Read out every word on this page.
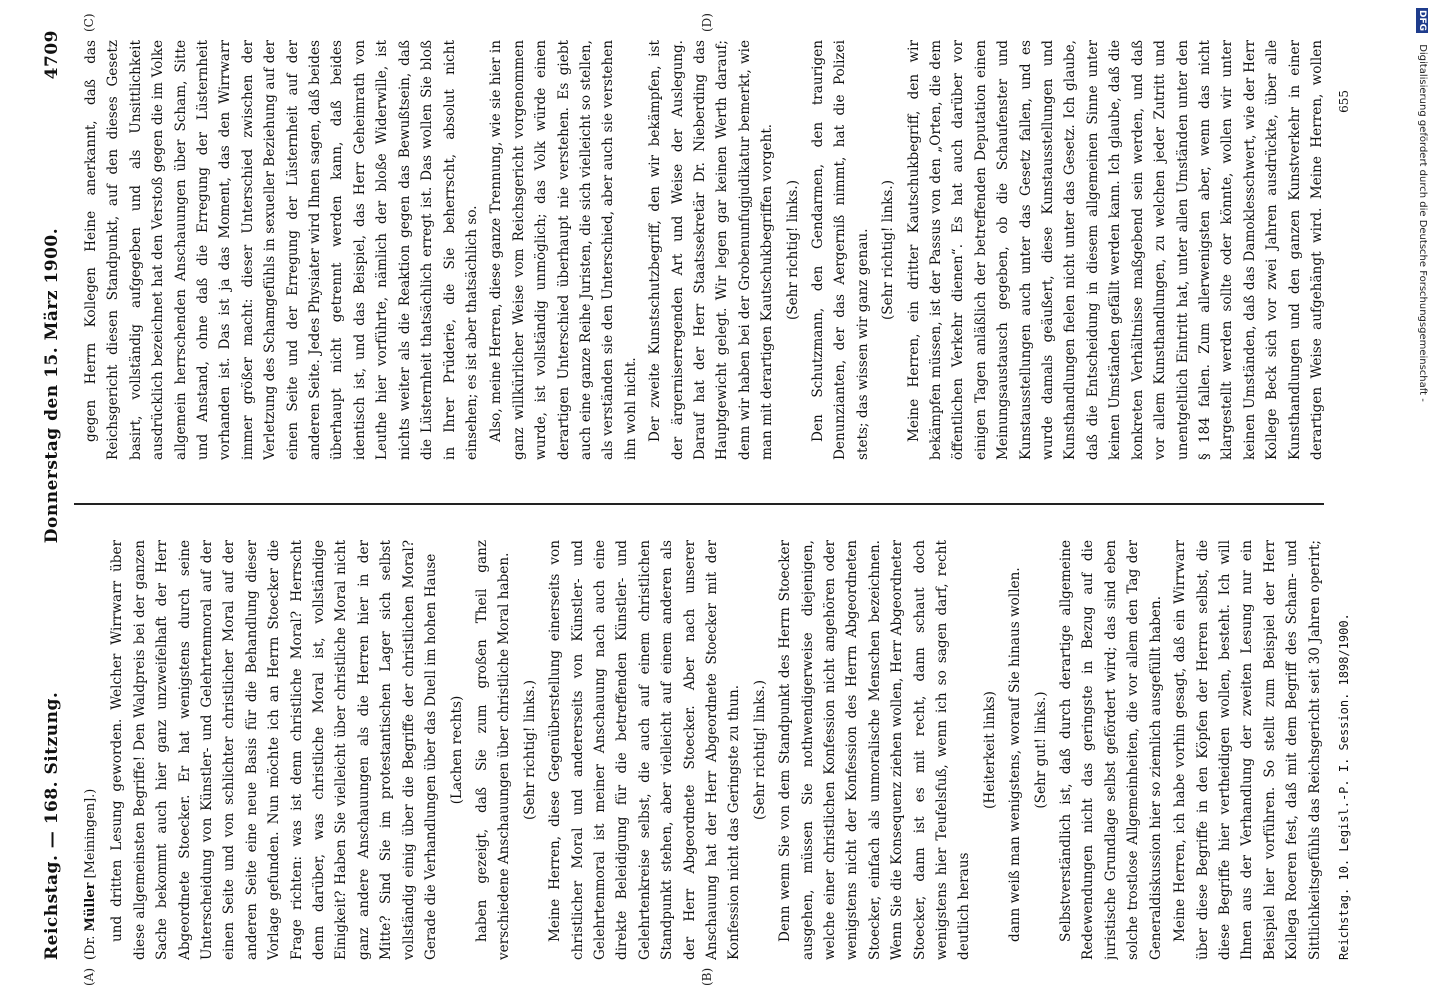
DFG Digitalisierung gefördert durch die Deutsche Forschungsgemeinschaft -
Reichstag. — 168. Sitzung.
Donnerstag den 15. März 1900.
4709
(A)	(B)
(C)	(D)
(Dr. Müller [Meiningen].) und dritten Lesung geworden. Welcher Wirrwarr über diese allgemeinsten Begriffe! Den Waldpreis bei der ganzen Sache bekommt auch hier ganz unzweifelhaft der Herr Abgeordnete Stoecker. Er hat wenigstens durch seine Unterscheidung von Künstler- und Gelehrtenmoral auf der einen Seite und von schlichter christlicher Moral auf der anderen Seite eine neue Basis für die Behandlung dieser Vorlage gefunden. Nun möchte ich an Herrn Stoecker die Frage richten: was ist denn christliche Moral? Herrscht denn darüber, was christliche Moral ist, vollständige Einigkeit? Haben Sie vielleicht über christliche Moral nicht ganz andere Anschauungen als die Herren hier in der Mitte? Sind Sie im protestantischen Lager sich selbst vollständig einig über die Begriffe der christlichen Moral? Gerade die Verhandlungen über das Duell im hohen Hause (Lachen rechts) haben gezeigt, daß Sie zum großen Theil ganz verschiedene Anschauungen über christliche Moral haben. (Sehr richtig! links.) Meine Herren, diese Gegenüberstellung einerseits von christlicher Moral und andererseits von Künstler- und Gelehrtenmoral ist meiner Anschauung nach auch eine direkte Beleidigung für die betreffenden Künstler- und Gelehrtenkreise selbst, die auch auf einem christlichen Standpunkt stehen, aber vielleicht auf einem anderen als der Herr Abgeordnete Stoecker. Aber nach unserer Anschauung hat der Herr Abgeordnete Stoecker mit der Konfession nicht das Geringste zu thun. (Sehr richtig! links.) Denn wenn Sie von dem Standpunkt des Herrn Stoecker ausgehen, müssen Sie nothwendigerweise diejenigen, welche einer christlichen Konfession nicht angehören oder wenigstens nicht der Konfession des Herrn Abgeordneten Stoecker, einfach als unmoralische Menschen bezeichnen. Wenn Sie die Konsequenz ziehen wollen, Herr Abgeordneter Stoecker, dann ist es mit recht, dann schaut doch wenigstens hier Teufelsfuß, wenn ich so sagen darf, recht deutlich heraus

(Heiterkeit links) dann weiß man wenigstens, worauf Sie hinaus wollen. (Sehr gut! links.) Selbstverständlich ist, daß durch derartige allgemeine Redewendungen nicht das geringste in Bezug auf die juristische Grundlage selbst gefördert wird; das sind eben solche trostlose Allgemeinheiten, die vor allem den Tag der Generaldiskussion hier so ziemlich ausgefüllt haben. Meine Herren, ich habe vorhin gesagt, daß ein Wirrwarr über diese Begriffe in den Köpfen der Herren selbst, die diese Begriffe hier vertheidigen wollen, besteht. Ich will Ihnen aus der Verhandlung der zweiten Lesung nur ein Beispiel hier vorführen. So stellt zum Beispiel der Herr Kollega Roeren fest, daß mit dem Begriff des Scham- und Sittlichkeitsgefühls das Reichsgericht seit 30 Jahren operirt;

gegen Herrn Kollegen Heine anerkannt, daß das Reichsgericht diesen Standpunkt, auf den dieses Gesetz basirt, vollständig aufgegeben und als Unsittlichkeit ausdrücklich bezeichnet hat den Verstoß gegen die im Volke allgemein herrschenden Anschauungen über Scham, Sitte und Anstand, ohne daß die Erregung der Lüsternheit vorhanden ist. Das ist ja das Moment, das den Wirrwarr immer größer macht: dieser Unterschied zwischen der Verletzung des Schamgefühls in sexueller Beziehung auf der einen Seite und der Erregung der Lüsternheit auf der anderen Seite. Jedes Physiater wird Ihnen sagen, daß beides überhaupt nicht getrennt werden kann, daß beides identisch ist, und das Beispiel, das Herr Geheimrath von Leuthe hier vorführte, nämlich der bloße Widerwille, ist nichts weiter als die Reaktion gegen das Bewußtsein, daß die Lüsternheit thatsächlich erregt ist. Das wollen Sie bloß in Ihrer Prüderie, die Sie beherrscht, absolut nicht einsehen; es ist aber thatsächlich so. Also, meine Herren, diese ganze Trennung, wie sie hier in ganz willkürlicher Weise vom Reichsgericht vorgenommen wurde, ist vollständig unmöglich; das Volk würde einen derartigen Unterschied überhaupt nie verstehen. Es giebt auch eine ganze Reihe Juristen, die sich vielleicht so stellen, als verständen sie den Unterschied, aber auch sie verstehen ihn wohl nicht. Der zweite Kunstschutzbegriff, den wir bekämpfen, ist der ärgerniserregenden Art und Weise der Auslegung. Darauf hat der Herr Staatssekretär Dr. Nieberding das Hauptgewicht gelegt. Wir legen gar keinen Werth darauf; denn wir haben bei der Grobenunfugjudikatur bemerkt, wie man mit derartigen Kautschukbegriffen vorgeht. (Sehr richtig! links.) Den Schutzmann, den Gendarmen, den traurigen Denunzianten, der das Aergerniß nimmt, hat die Polizei stets; das wissen wir ganz genau. (Sehr richtig! links.)

Meine Herren, ein dritter Kautschukbegriff, den wir bekämpfen müssen, ist der Passus von den „Orten, die dem öffentlichen Verkehr dienen“. Es hat auch darüber vor einigen Tagen anläßlich der betreffenden Deputation einen Meinungsaustausch gegeben, ob die Schaufenster und Kunstausstellungen auch unter das Gesetz fallen, und es wurde damals geäußert, diese Kunstausstellungen und Kunsthandlungen fielen nicht unter das Gesetz. Ich glaube, daß die Entscheidung in diesem allgemeinen Sinne unter keinen Umständen gefällt werden kann. Ich glaube, daß die konkreten Verhältnisse maßgebend sein werden, und daß vor allem Kunsthandlungen, zu welchen jeder Zutritt und unentgeltlich Eintritt hat, unter allen Umständen unter den § 184 fallen. Zum allerwenigsten aber, wenn das nicht klargestellt werden sollte oder könnte, wollen wir unter keinen Umständen, daß das Damoklesschwert, wie der Herr Kollege Beck sich vor zwei Jahren ausdrückte, über alle Kunsthandlungen und den ganzen Kunstverkehr in einer derartigen Weise aufgehängt wird. Meine Herren, wollen

Reichstag. 10. Legisl.-P. I. Session. 1898/1900.
655
